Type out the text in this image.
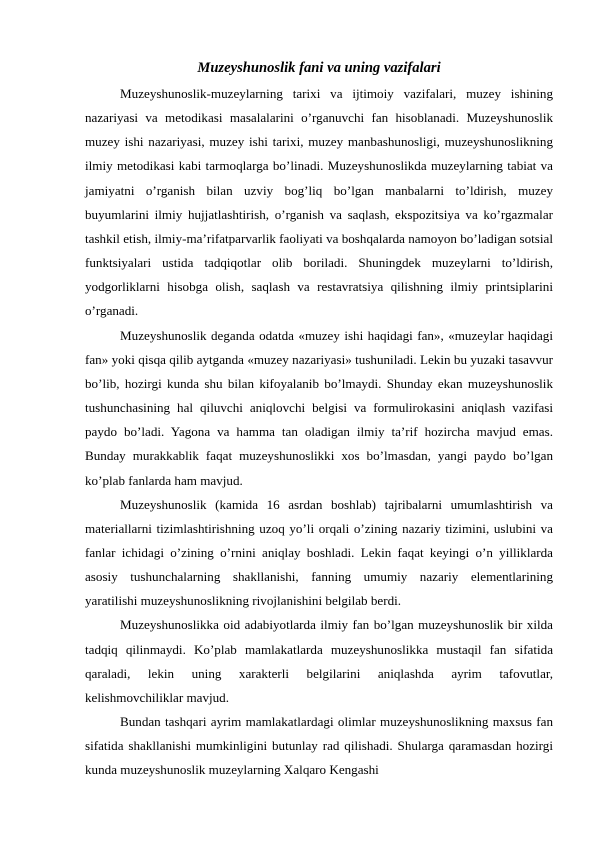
Muzeyshunoslik fani va uning vazifalari

Muzeyshunoslik-muzeylarning tarixi va ijtimoiy vazifalari, muzey ishining nazariyasi va metodikasi masalalarini o’rganuvchi fan hisoblanadi. Muzeyshunoslik muzey ishi nazariyasi, muzey ishi tarixi, muzey manbashunosligi, muzeyshunoslikning ilmiy metodikasi kabi tarmoqlarga bo’linadi. Muzeyshunoslikda muzeylarning tabiat va jamiyatni o’rganish bilan uzviy bog’liq bo’lgan manbalarni to’ldirish, muzey buyumlarini ilmiy hujjatlashtirish, o’rganish va saqlash, ekspozitsiya va ko’rgazmalar tashkil etish, ilmiy-ma’rifatparvarlik faoliyati va boshqalarda namoyon bo’ladigan sotsial funktsiyalari ustida tadqiqotlar olib boriladi. Shuningdek muzeylarni to’ldirish, yodgorliklarni hisobga olish, saqlash va restavratsiya qilishning ilmiy printsiplarini o’rganadi.

Muzeyshunoslik deganda odatda «muzey ishi haqidagi fan», «muzeylar haqidagi fan» yoki qisqa qilib aytganda «muzey nazariyasi» tushuniladi. Lekin bu yuzaki tasavvur bo’lib, hozirgi kunda shu bilan kifoyalanib bo’lmaydi. Shunday ekan muzeyshunoslik tushunchasining hal qiluvchi aniqlovchi belgisi va formulirokasini aniqlash vazifasi paydo bo’ladi. Yagona va hamma tan oladigan ilmiy ta’rif hozircha mavjud emas. Bunday murakkablik faqat muzeyshunoslikki xos bo’lmasdan, yangi paydo bo’lgan ko’plab fanlarda ham mavjud.

Muzeyshunoslik (kamida 16 asrdan boshlab) tajribalarni umumlashtirish va materiallarni tizimlashtirishning uzoq yo’li orqali o’zining nazariy tizimini, uslubini va fanlar ichidagi o’zining o’rnini aniqlay boshladi. Lekin faqat keyingi o’n yilliklarda asosiy tushunchalarning shakllanishi, fanning umumiy nazariy elementlarining yaratilishi muzeyshunoslikning rivojlanishini belgilab berdi.

Muzeyshunoslikka oid adabiyotlarda ilmiy fan bo’lgan muzeyshunoslik bir xilda tadqiq qilinmaydi. Ko’plab mamlakatlarda muzeyshunoslikka mustaqil fan sifatida qaraladi, lekin uning xarakterli belgilarini aniqlashda ayrim tafovutlar, kelishmovchiliklar mavjud.

Bundan tashqari ayrim mamlakatlardagi olimlar muzeyshunoslikning maxsus fan sifatida shakllanishi mumkinligini butunlay rad qilishadi. Shularga qaramasdan hozirgi kunda muzeyshunoslik muzeylarning Xalqaro Kengashi
